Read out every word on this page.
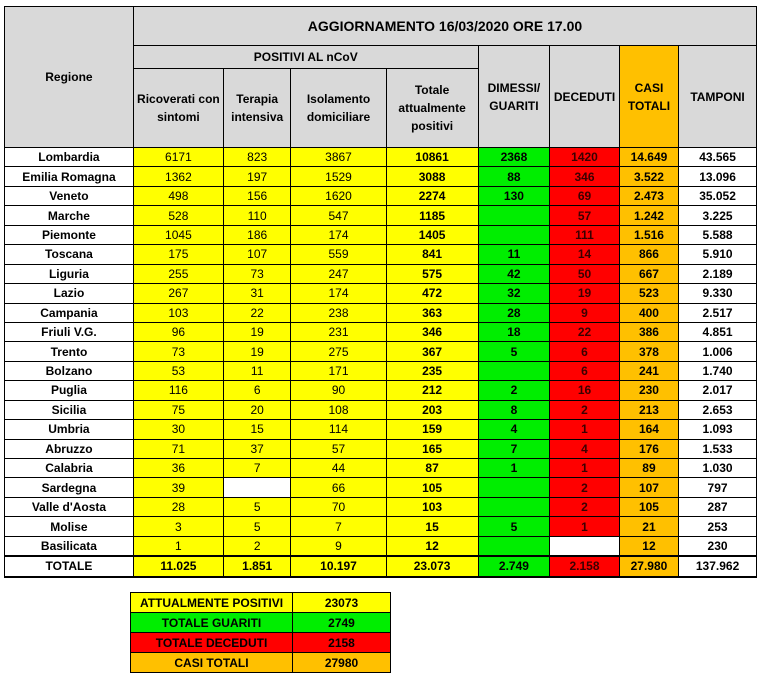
Regione	AGGIORNAMENTO 16/03/2020 ORE 17.00							
	POSITIVI AL nCoV				DIMESSI/ GUARITI	DECEDUTI	CASI TOTALI	TAMPONI
	Ricoverati con sintomi	Terapia intensiva	Isolamento domiciliare	Totale attualmente positivi				
Lombardia	6171	823	3867	10861	2368	1420	14.649	43.565
Emilia Romagna	1362	197	1529	3088	88	346	3.522	13.096
Veneto	498	156	1620	2274	130	69	2.473	35.052
Marche	528	110	547	1185		57	1.242	3.225
Piemonte	1045	186	174	1405		111	1.516	5.588
Toscana	175	107	559	841	11	14	866	5.910
Liguria	255	73	247	575	42	50	667	2.189
Lazio	267	31	174	472	32	19	523	9.330
Campania	103	22	238	363	28	9	400	2.517
Friuli V.G.	96	19	231	346	18	22	386	4.851
Trento	73	19	275	367	5	6	378	1.006
Bolzano	53	11	171	235		6	241	1.740
Puglia	116	6	90	212	2	16	230	2.017
Sicilia	75	20	108	203	8	2	213	2.653
Umbria	30	15	114	159	4	1	164	1.093
Abruzzo	71	37	57	165	7	4	176	1.533
Calabria	36	7	44	87	1	1	89	1.030
Sardegna	39		66	105		2	107	797
Valle d'Aosta	28	5	70	103		2	105	287
Molise	3	5	7	15	5	1	21	253
Basilicata	1	2	9	12			12	230
TOTALE	11.025	1.851	10.197	23.073	2.749	2.158	27.980	137.962
ATTUALMENTE POSITIVI	23073
TOTALE GUARITI	2749
TOTALE DECEDUTI	2158
CASI TOTALI	27980
